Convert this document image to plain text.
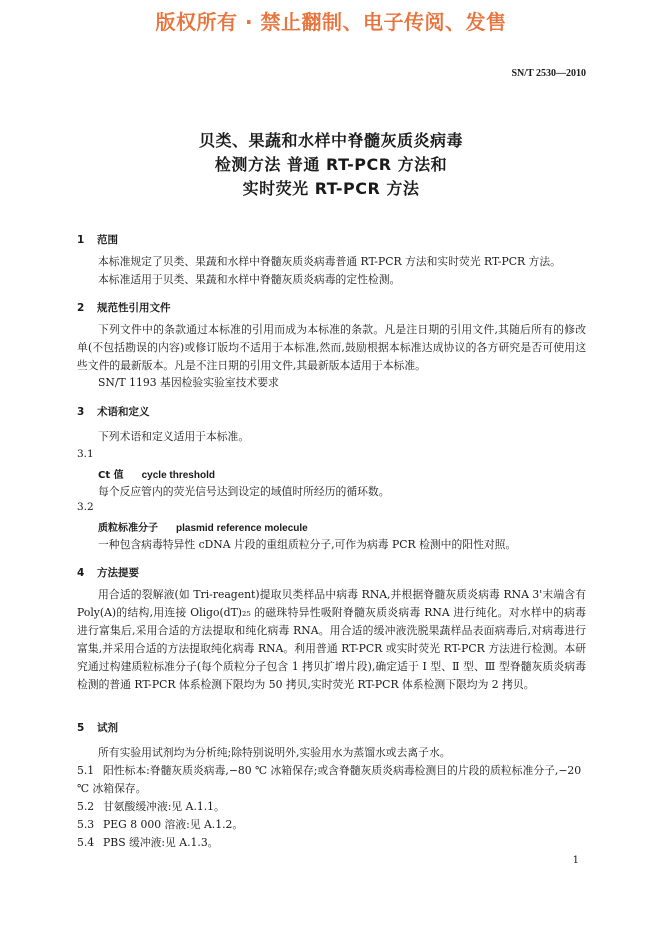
版权所有 · 禁止翻制、电子传阅、发售
SN/T 2530—2010
贝类、果蔬和水样中脊髓灰质炎病毒
检测方法 普通 RT-PCR 方法和
实时荧光 RT-PCR 方法
1 范围

本标准规定了贝类、果蔬和水样中脊髓灰质炎病毒普通 RT-PCR 方法和实时荧光 RT-PCR 方法。

本标准适用于贝类、果蔬和水样中脊髓灰质炎病毒的定性检测。

2 规范性引用文件

下列文件中的条款通过本标准的引用而成为本标准的条款。凡是注日期的引用文件,其随后所有的修改单(不包括勘误的内容)或修订版均不适用于本标准,然而,鼓励根据本标准达成协议的各方研究是否可使用这些文件的最新版本。凡是不注日期的引用文件,其最新版本适用于本标准。

SN/T 1193 基因检验实验室技术要求
3 术语和定义
下列术语和定义适用于本标准。
3.1
Ct 值 cycle threshold
每个反应管内的荧光信号达到设定的域值时所经历的循环数。
3.2
质粒标准分子 plasmid reference molecule
一种包含病毒特异性 cDNA 片段的重组质粒分子,可作为病毒 PCR 检测中的阳性对照。
4 方法提要

用合适的裂解液(如 Tri-reagent)提取贝类样品中病毒 RNA,并根据脊髓灰质炎病毒 RNA 3'末端含有 Poly(A)的结构,用连接 Oligo(dT)₂₅ 的磁珠特异性吸附脊髓灰质炎病毒 RNA 进行纯化。对水样中的病毒进行富集后,采用合适的方法提取和纯化病毒 RNA。用合适的缓冲液洗脱果蔬样品表面病毒后,对病毒进行富集,并采用合适的方法提取纯化病毒 RNA。利用普通 RT-PCR 或实时荧光 RT-PCR 方法进行检测。本研究通过构建质粒标准分子(每个质粒分子包含 1 拷贝扩增片段),确定适于 Ⅰ 型、Ⅱ 型、Ⅲ 型脊髓灰质炎病毒检测的普通 RT-PCR 体系检测下限均为 50 拷贝,实时荧光 RT-PCR 体系检测下限均为 2 拷贝。

5 试剂
所有实验用试剂均为分析纯;除特别说明外,实验用水为蒸馏水或去离子水。

5.1 阳性标本:脊髓灰质炎病毒,−80 ℃ 冰箱保存;或含脊髓灰质炎病毒检测目的片段的质粒标准分子,−20 ℃ 冰箱保存。

5.2 甘氨酸缓冲液:见 A.1.1。

5.3 PEG 8 000 溶液:见 A.1.2。

5.4 PBS 缓冲液:见 A.1.3。

1
